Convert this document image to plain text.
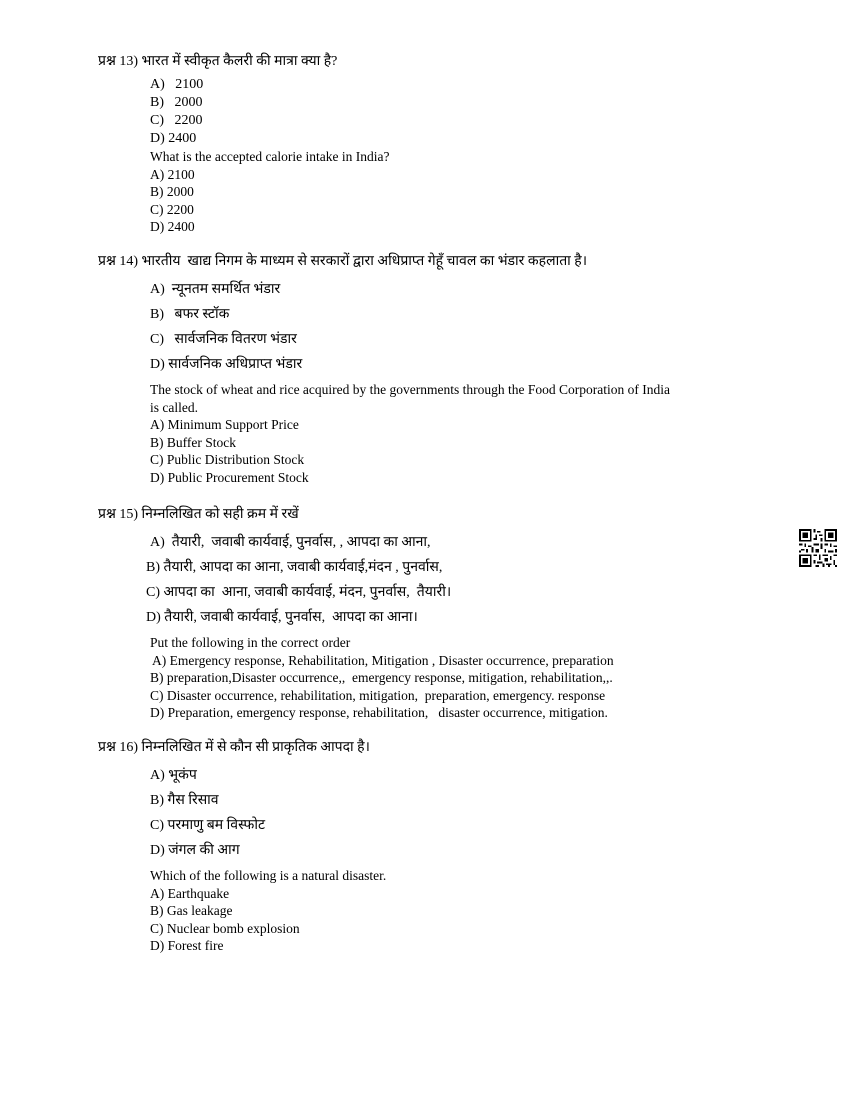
प्रश्न 13) भारत में स्वीकृत कैलरी की मात्रा क्या है?
A)   2100
B)   2000
C)   2200
D) 2400
What is the accepted calorie intake in India?
A) 2100
B) 2000
C) 2200
D) 2400
प्रश्न 14) भारतीय  खाद्य निगम के माध्यम से सरकारों द्वारा अधिप्राप्त गेहूँ चावल का भंडार कहलाता है।
A)  न्यूनतम समर्थित भंडार
B)   बफर स्टॉक
C)   सार्वजनिक वितरण भंडार
D) सार्वजनिक अधिप्राप्त भंडार
The stock of wheat and rice acquired by the governments through the Food Corporation of India
is called.
A) Minimum Support Price
B) Buffer Stock
C) Public Distribution Stock
D) Public Procurement Stock
प्रश्न 15) निम्नलिखित को सही क्रम में रखें
A)  तैयारी,  जवाबी कार्यवाई, पुनर्वास, , आपदा का आना,
B) तैयारी, आपदा का आना, जवाबी कार्यवाई,मंदन , पुनर्वास,
C) आपदा का  आना, जवाबी कार्यवाई, मंदन, पुनर्वास,  तैयारी।
D) तैयारी, जवाबी कार्यवाई, पुनर्वास,  आपदा का आना।
Put the following in the correct order
A) Emergency response, Rehabilitation, Mitigation , Disaster occurrence, preparation
B) preparation,Disaster occurrence,,  emergency response, mitigation, rehabilitation,,.
C) Disaster occurrence, rehabilitation, mitigation,  preparation, emergency. response
D) Preparation, emergency response, rehabilitation,   disaster occurrence, mitigation.
प्रश्न 16) निम्नलिखित में से कौन सी प्राकृतिक आपदा है।
A) भूकंप
B) गैस रिसाव
C) परमाणु बम विस्फोट
D) जंगल की आग
Which of the following is a natural disaster.
A) Earthquake
B) Gas leakage
C) Nuclear bomb explosion
D) Forest fire
